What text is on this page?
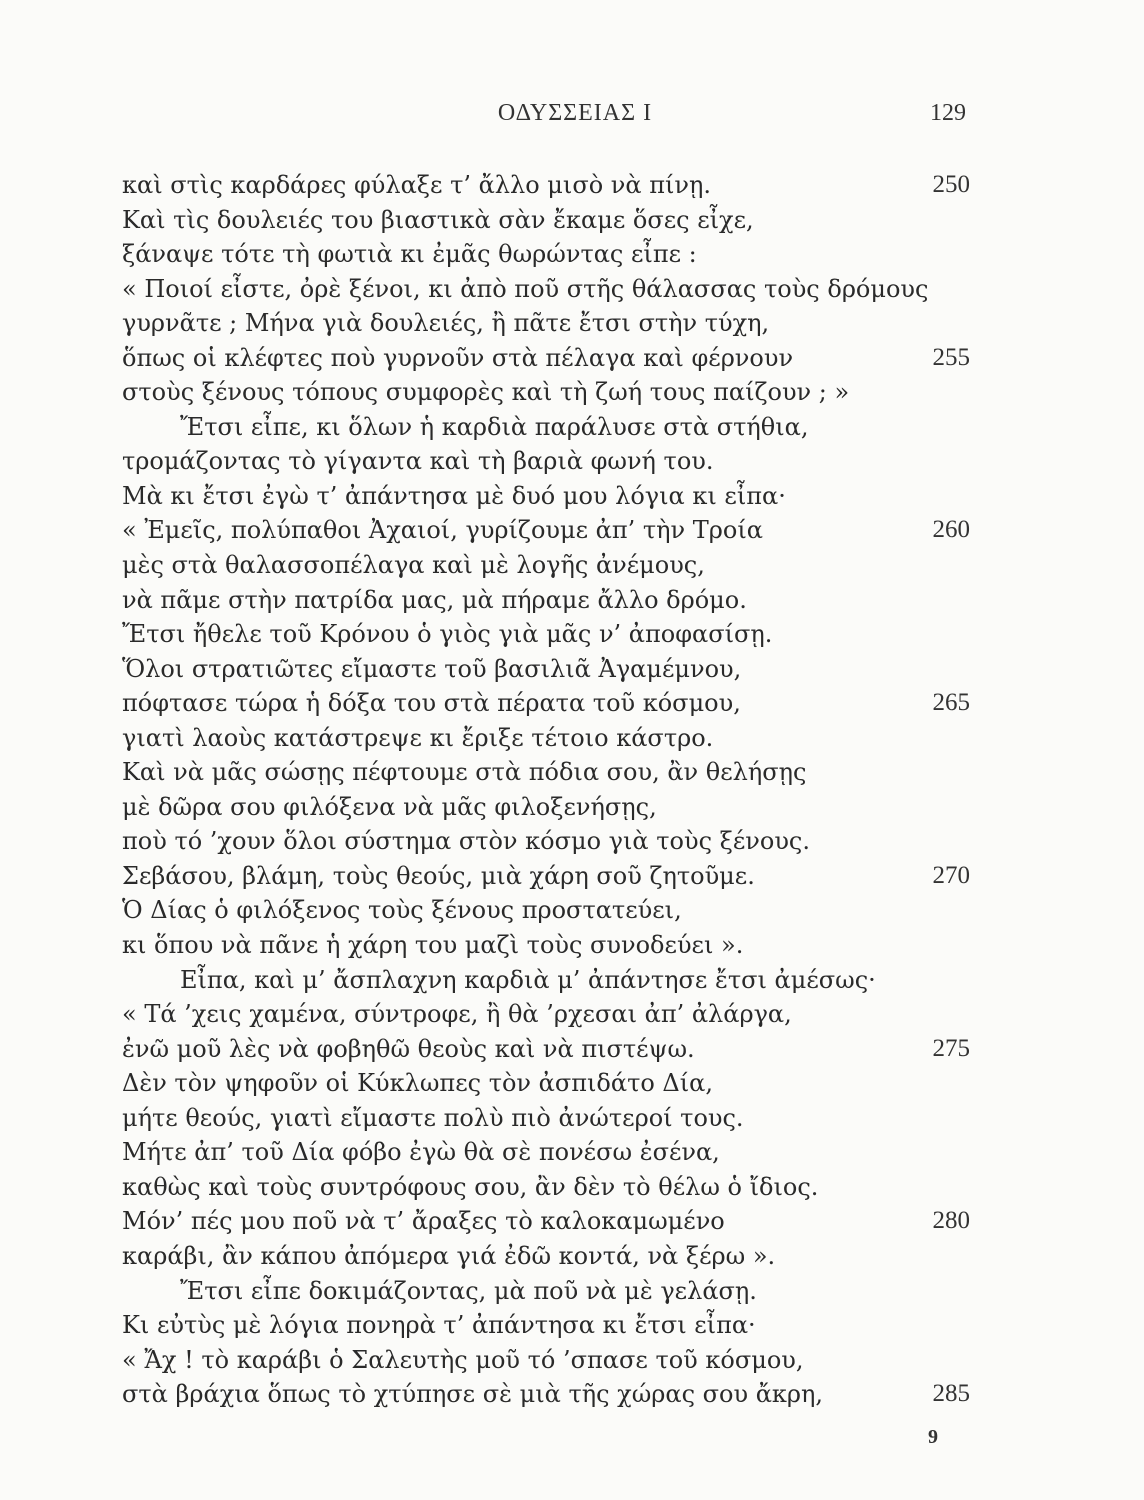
ΟΔΥΣΣΕΙΑΣ Ι	129
καὶ στὶς καρδάρες φύλαξε τ’ ἄλλο μισὸ νὰ πίνῃ.	250
Καὶ τὶς δουλειές του βιαστικὰ σὰν ἔκαμε ὅσες εἶχε,
ξάναψε τότε τὴ φωτιὰ κι ἐμᾶς θωρώντας εἶπε :
« Ποιοί εἶστε, ὀρὲ ξένοι, κι ἀπὸ ποῦ στῆς θάλασσας τοὺς δρόμους
γυρνᾶτε ; Μήνα γιὰ δουλειές, ἢ πᾶτε ἔτσι στὴν τύχη,
ὅπως οἱ κλέφτες ποὺ γυρνοῦν στὰ πέλαγα καὶ φέρνουν	255
στοὺς ξένους τόπους συμφορὲς καὶ τὴ ζωή τους παίζουν ; »
Ἔτσι εἶπε, κι ὅλων ἡ καρδιὰ παράλυσε στὰ στήθια,
τρομάζοντας τὸ γίγαντα καὶ τὴ βαριὰ φωνή του.
Μὰ κι ἔτσι ἐγὼ τ’ ἀπάντησα μὲ δυό μου λόγια κι εἶπα·
« Ἐμεῖς, πολύπαθοι Ἀχαιοί, γυρίζουμε ἀπ’ τὴν Τροία	260
μὲς στὰ θαλασσοπέλαγα καὶ μὲ λογῆς ἀνέμους,
νὰ πᾶμε στὴν πατρίδα μας, μὰ πήραμε ἄλλο δρόμο.
Ἔτσι ἤθελε τοῦ Κρόνου ὁ γιὸς γιὰ μᾶς ν’ ἀποφασίσῃ.
Ὅλοι στρατιῶτες εἴμαστε τοῦ βασιλιᾶ Ἀγαμέμνου,
πόφτασε τώρα ἡ δόξα του στὰ πέρατα τοῦ κόσμου,	265
γιατὶ λαοὺς κατάστρεψε κι ἔριξε τέτοιο κάστρο.
Καὶ νὰ μᾶς σώσῃς πέφτουμε στὰ πόδια σου, ἂν θελήσῃς
μὲ δῶρα σου φιλόξενα νὰ μᾶς φιλοξενήσῃς,
ποὺ τό ’χουν ὅλοι σύστημα στὸν κόσμο γιὰ τοὺς ξένους.
Σεβάσου, βλάμη, τοὺς θεούς, μιὰ χάρη σοῦ ζητοῦμε.	270
Ὁ Δίας ὁ φιλόξενος τοὺς ξένους προστατεύει,
κι ὅπου νὰ πᾶνε ἡ χάρη του μαζὶ τοὺς συνοδεύει ».
Εἶπα, καὶ μ’ ἄσπλαχνη καρδιὰ μ’ ἀπάντησε ἔτσι ἀμέσως·
« Τά ’χεις χαμένα, σύντροφε, ἢ θὰ ’ρχεσαι ἀπ’ ἀλάργα,
ἐνῶ μοῦ λὲς νὰ φοβηθῶ θεοὺς καὶ νὰ πιστέψω.	275
Δὲν τὸν ψηφοῦν οἱ Κύκλωπες τὸν ἀσπιδάτο Δία,
μήτε θεούς, γιατὶ εἴμαστε πολὺ πιὸ ἀνώτεροί τους.
Μήτε ἀπ’ τοῦ Δία φόβο ἐγὼ θὰ σὲ πονέσω ἐσένα,
καθὼς καὶ τοὺς συντρόφους σου, ἂν δὲν τὸ θέλω ὁ ἴδιος.
Μόν’ πές μου ποῦ νὰ τ’ ἄραξες τὸ καλοκαμωμένο	280
καράβι, ἂν κάπου ἀπόμερα γιά ἐδῶ κοντά, νὰ ξέρω ».
Ἔτσι εἶπε δοκιμάζοντας, μὰ ποῦ νὰ μὲ γελάσῃ.
Κι εὐτὺς μὲ λόγια πονηρὰ τ’ ἀπάντησα κι ἔτσι εἶπα·
« Ἄχ ! τὸ καράβι ὁ Σαλευτὴς μοῦ τό ’σπασε τοῦ κόσμου,
στὰ βράχια ὅπως τὸ χτύπησε σὲ μιὰ τῆς χώρας σου ἄκρη,	285
9
